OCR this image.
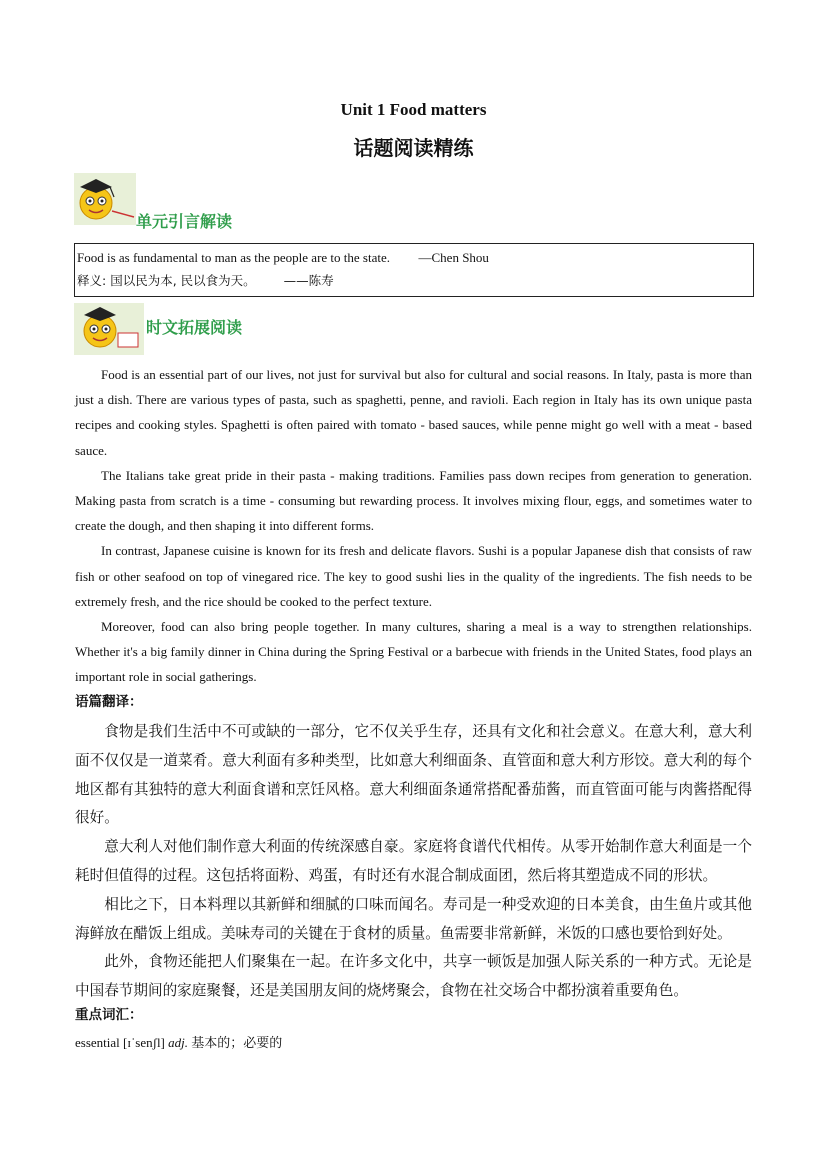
Unit 1 Food matters
话题阅读精练
单元引言解读
Food is as fundamental to man as the people are to the state. —Chen Shou
释义: 国以民为本, 民以食为天。 ——陈寿
时文拓展阅读

Food is an essential part of our lives, not just for survival but also for cultural and social reasons. In Italy, pasta is more than just a dish. There are various types of pasta, such as spaghetti, penne, and ravioli. Each region in Italy has its own unique pasta recipes and cooking styles. Spaghetti is often paired with tomato - based sauces, while penne might go well with a meat - based sauce.

The Italians take great pride in their pasta - making traditions. Families pass down recipes from generation to generation. Making pasta from scratch is a time - consuming but rewarding process. It involves mixing flour, eggs, and sometimes water to create the dough, and then shaping it into different forms.

In contrast, Japanese cuisine is known for its fresh and delicate flavors. Sushi is a popular Japanese dish that consists of raw fish or other seafood on top of vinegared rice. The key to good sushi lies in the quality of the ingredients. The fish needs to be extremely fresh, and the rice should be cooked to the perfect texture.

Moreover, food can also bring people together. In many cultures, sharing a meal is a way to strengthen relationships. Whether it's a big family dinner in China during the Spring Festival or a barbecue with friends in the United States, food plays an important role in social gatherings.

语篇翻译：

食物是我们生活中不可或缺的一部分，它不仅关乎生存，还具有文化和社会意义。在意大利，意大利面不仅仅是一道菜肴。意大利面有多种类型，比如意大利细面条、直管面和意大利方形饺。意大利的每个地区都有其独特的意大利面食谱和烹饪风格。意大利细面条通常搭配番茄酱，而直管面可能与肉酱搭配得很好。

意大利人对他们制作意大利面的传统深感自豪。家庭将食谱代代相传。从零开始制作意大利面是一个耗时但值得的过程。这包括将面粉、鸡蛋，有时还有水混合制成面团，然后将其塑造成不同的形状。

相比之下，日本料理以其新鲜和细腻的口味而闻名。寿司是一种受欢迎的日本美食，由生鱼片或其他海鲜放在醋饭上组成。美味寿司的关键在于食材的质量。鱼需要非常新鲜，米饭的口感也要恰到好处。

此外，食物还能把人们聚集在一起。在许多文化中，共享一顿饭是加强人际关系的一种方式。无论是中国春节期间的家庭聚餐，还是美国朋友间的烧烤聚会，食物在社交场合中都扮演着重要角色。

重点词汇：
essential [ɪˈsenʃl] adj. 基本的；必要的
